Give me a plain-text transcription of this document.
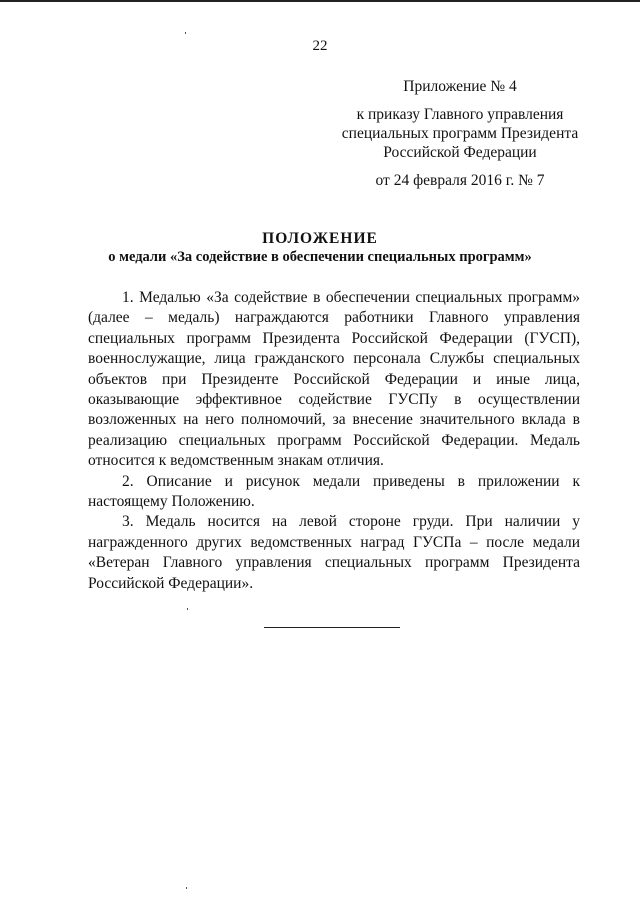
22
Приложение № 4
к приказу Главного управления
специальных программ Президента
Российской Федерации
от 24 февраля 2016 г. № 7
ПОЛОЖЕНИЕ
о медали «За содействие в обеспечении специальных программ»

1. Медалью «За содействие в обеспечении специальных программ» (далее – медаль) награждаются работники Главного управления специальных программ Президента Российской Федерации (ГУСП), военнослужащие, лица гражданского персонала Службы специальных объектов при Президенте Российской Федерации и иные лица, оказывающие эффективное содействие ГУСПу в осуществлении возложенных на него полномочий, за внесение значительного вклада в реализацию специальных программ Российской Федерации. Медаль относится к ведомственным знакам отличия.

2. Описание и рисунок медали приведены в приложении к настоящему Положению.

3. Медаль носится на левой стороне груди. При наличии у награжденного других ведомственных наград ГУСПа – после медали «Ветеран Главного управления специальных программ Президента Российской Федерации».
